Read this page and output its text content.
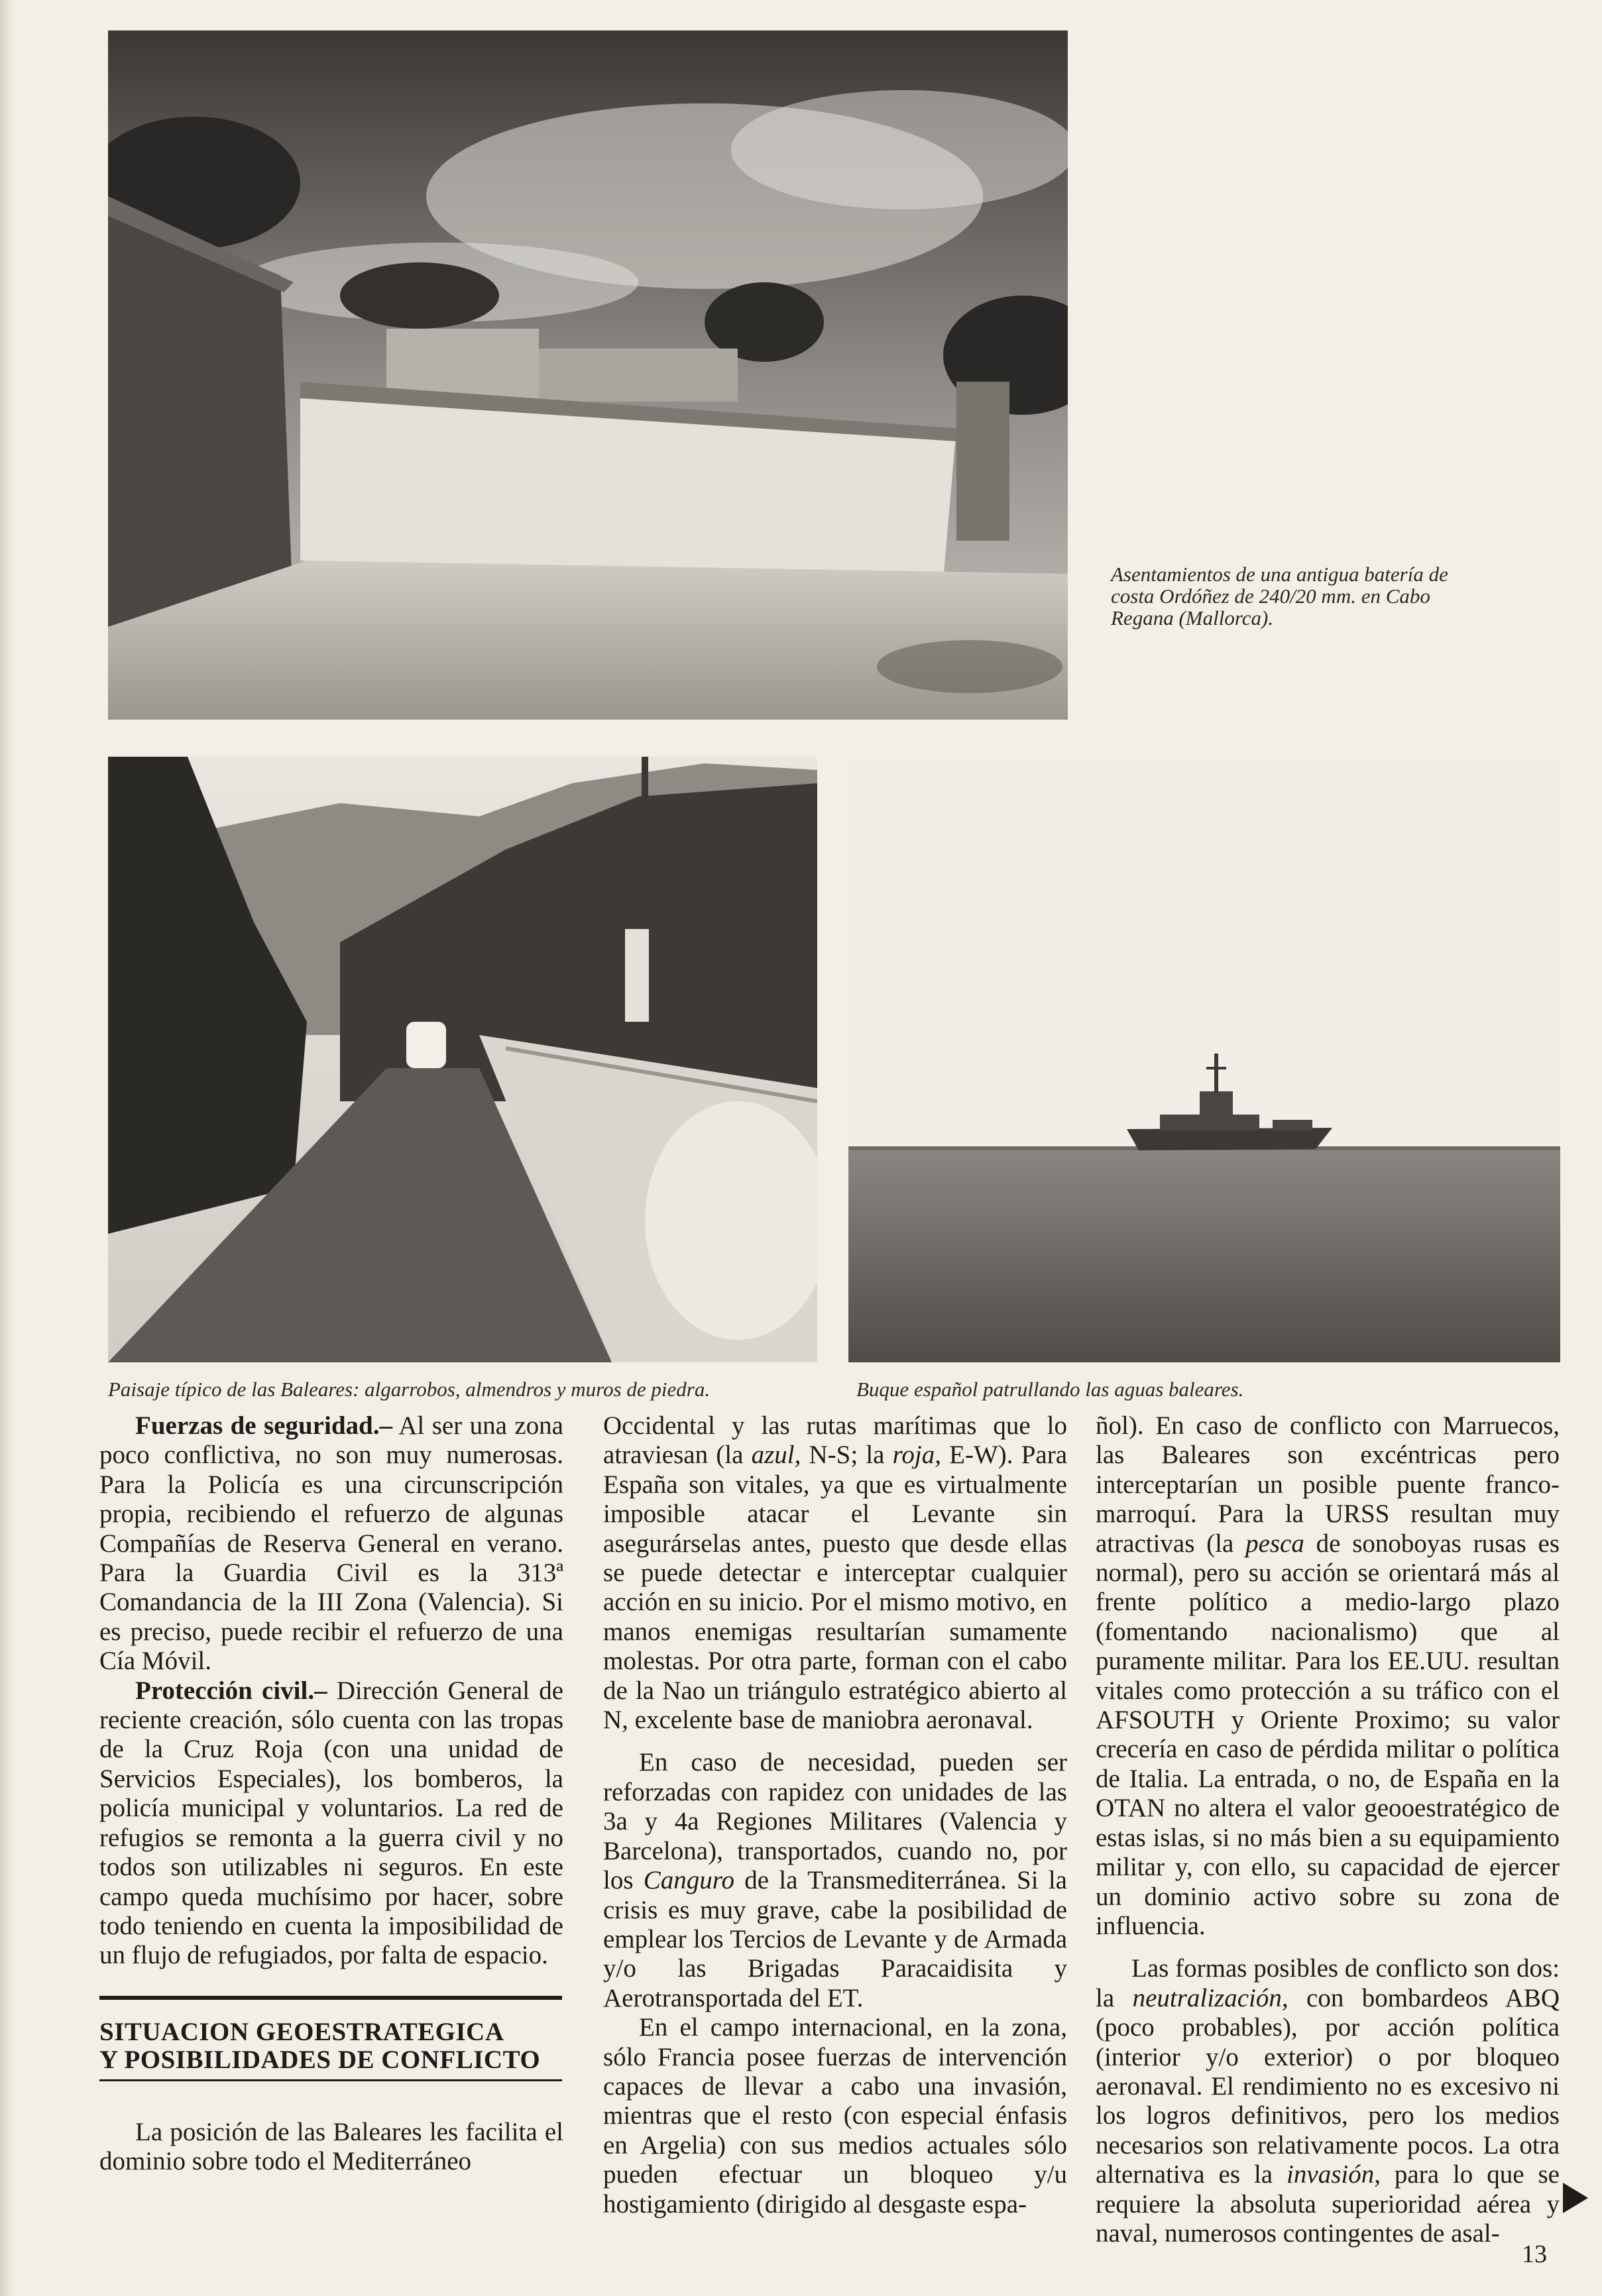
Asentamientos de una antigua batería de costa Ordóñez de 240/20 mm. en Cabo Regana (Mallorca).
Paisaje típico de las Baleares: algarrobos, almendros y muros de piedra.	Buque español patrullando las aguas baleares.

Fuerzas de seguridad.– Al ser una zona poco conflictiva, no son muy numerosas. Para la Policía es una circunscripción propia, recibiendo el refuerzo de algunas Compañías de Reserva General en verano. Para la Guardia Civil es la 313ª Comandancia de la III Zona (Valencia). Si es preciso, puede recibir el refuerzo de una Cía Móvil.

Protección civil.– Dirección General de reciente creación, sólo cuenta con las tropas de la Cruz Roja (con una unidad de Servicios Especiales), los bomberos, la policía municipal y voluntarios. La red de refugios se remonta a la guerra civil y no todos son utilizables ni seguros. En este campo queda muchísimo por hacer, sobre todo teniendo en cuenta la imposibilidad de un flujo de refugiados, por falta de espacio.

SITUACION GEOESTRATEGICA
Y POSIBILIDADES DE CONFLICTO

La posición de las Baleares les facilita el dominio sobre todo el Mediterráneo

Occidental y las rutas marítimas que lo atraviesan (la azul, N-S; la roja, E-W). Para España son vitales, ya que es virtualmente imposible atacar el Levante sin asegurárselas antes, puesto que desde ellas se puede detectar e interceptar cualquier acción en su inicio. Por el mismo motivo, en manos enemigas resultarían sumamente molestas. Por otra parte, forman con el cabo de la Nao un triángulo estratégico abierto al N, excelente base de maniobra aeronaval.

En caso de necesidad, pueden ser reforzadas con rapidez con unidades de las 3a y 4a Regiones Militares (Valencia y Barcelona), transportados, cuando no, por los Canguro de la Transmediterránea. Si la crisis es muy grave, cabe la posibilidad de emplear los Tercios de Levante y de Armada y/o las Brigadas Paracaidisita y Aerotransportada del ET.

En el campo internacional, en la zona, sólo Francia posee fuerzas de intervención capaces de llevar a cabo una invasión, mientras que el resto (con especial énfasis en Argelia) con sus medios actuales sólo pueden efectuar un bloqueo y/u hostigamiento (dirigido al desgaste espa-

ñol). En caso de conflicto con Marruecos, las Baleares son excéntricas pero interceptarían un posible puente franco-marroquí. Para la URSS resultan muy atractivas (la pesca de sonoboyas rusas es normal), pero su acción se orientará más al frente político a medio-largo plazo (fomentando nacionalismo) que al puramente militar. Para los EE.UU. resultan vitales como protección a su tráfico con el AFSOUTH y Oriente Proximo; su valor crecería en caso de pérdida militar o política de Italia. La entrada, o no, de España en la OTAN no altera el valor geooestratégico de estas islas, si no más bien a su equipamiento militar y, con ello, su capacidad de ejercer un dominio activo sobre su zona de influencia.

Las formas posibles de conflicto son dos: la neutralización, con bombardeos ABQ (poco probables), por acción política (interior y/o exterior) o por bloqueo aeronaval. El rendimiento no es excesivo ni los logros definitivos, pero los medios necesarios son relativamente pocos. La otra alternativa es la invasión, para lo que se requiere la absoluta superioridad aérea y naval, numerosos contingentes de asal-

13
